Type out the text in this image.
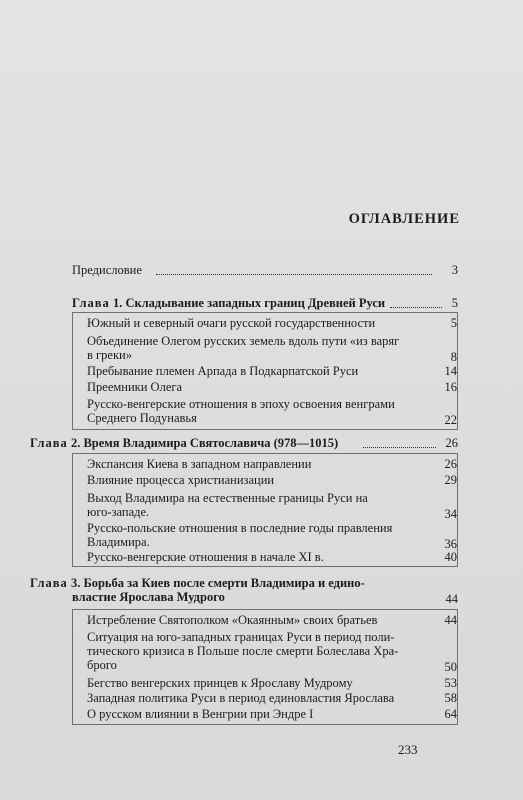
ОГЛАВЛЕНИЕ
Предисловие	3
Глава 1. Складывание западных границ Древней Руси	5
Южный и северный очаги русской государственности	5
Объединение Олегом русских земель вдоль пути «из варяг
в греки»	8
Пребывание племен Арпада в Подкарпатской Руси	14
Преемники Олега	16
Русско-венгерские отношения в эпоху освоения венграми
Среднего Подунавья	22
Глава 2. Время Владимира Святославича (978—1015)	26
Экспансия Киева в западном направлении	26
Влияние процесса христианизации	29
Выход Владимира на естественные границы Руси на
юго-западе.	34
Русско-польские отношения в последние годы правления
Владимира.	36
Русско-венгерские отношения в начале XI в.	40
Глава 3. Борьба за Киев после смерти Владимира и едино-
властие Ярослава Мудрого	44
Истребление Святополком «Окаянным» своих братьев	44
Ситуация на юго-западных границах Руси в период поли-
тического кризиса в Польше после смерти Болеслава Хра-
брого	50
Бегство венгерских принцев к Ярославу Мудрому	53
Западная политика Руси в период единовластия Ярослава	58
О русском влиянии в Венгрии при Эндре I	64
233
